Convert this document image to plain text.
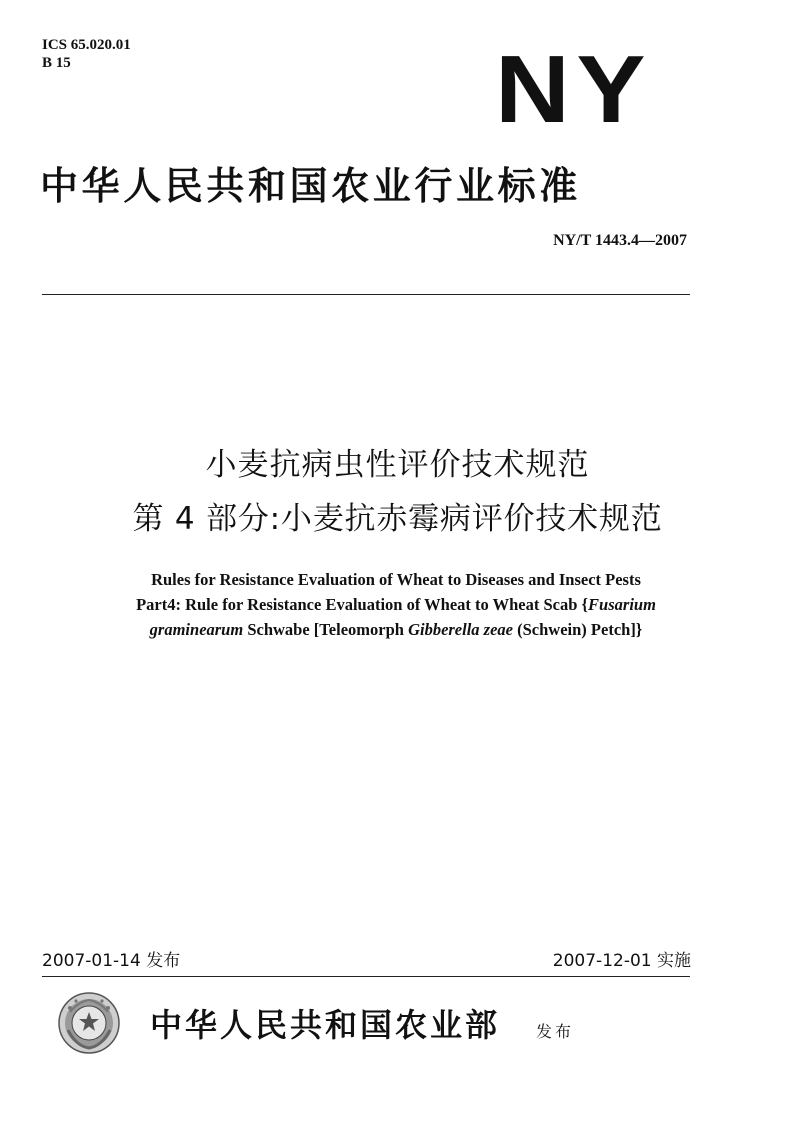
ICS 65.020.01
B 15	NY
中华人民共和国农业行业标准
NY/T 1443.4—2007
小麦抗病虫性评价技术规范
第 4 部分:小麦抗赤霉病评价技术规范
Rules for Resistance Evaluation of Wheat to Diseases and Insect Pests
Part4: Rule for Resistance Evaluation of Wheat to Wheat Scab {Fusarium
graminearum Schwabe [Teleomorph Gibberella zeae (Schwein) Petch]}
2007-01-14 发布	2007-12-01 实施
中华人民共和国农业部 发布
